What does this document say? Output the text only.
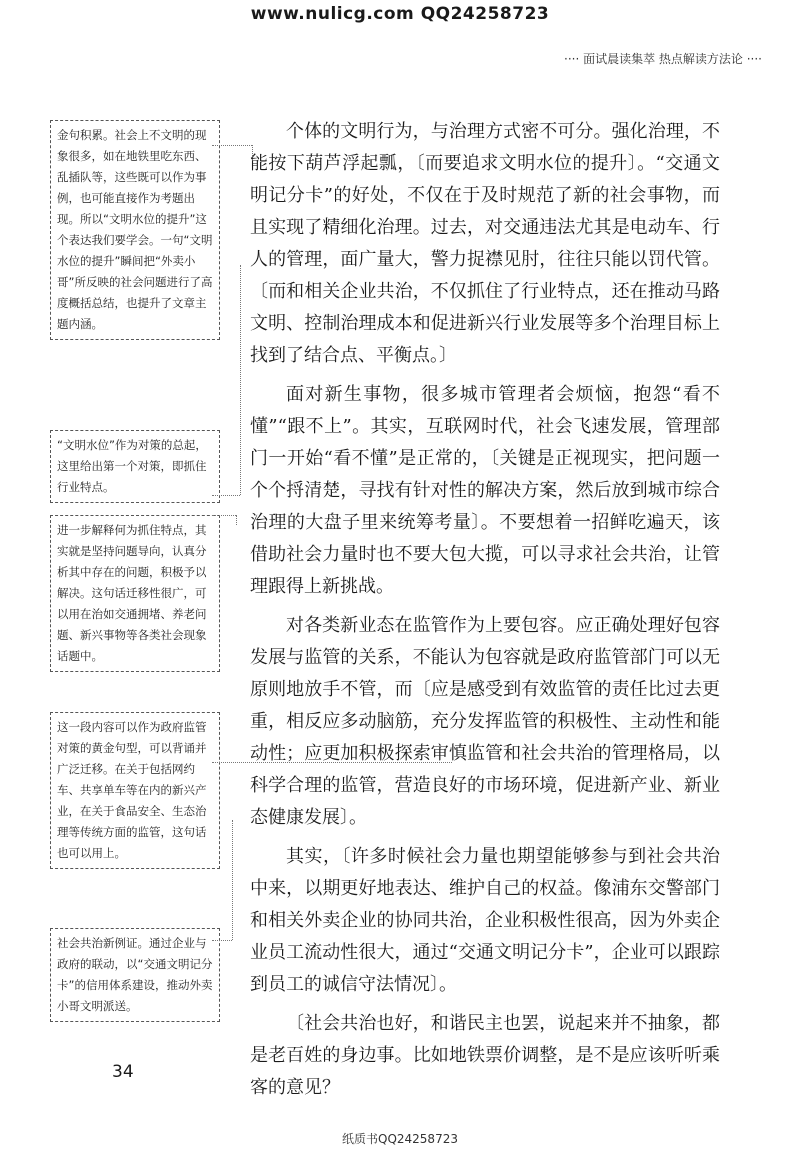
www.nulicg.com QQ24258723
···· 面试晨读集萃 热点解读方法论 ····
金句积累。社会上不文明的现象很多，如在地铁里吃东西、乱插队等，这些既可以作为事例，也可能直接作为考题出现。所以“文明水位的提升”这个表达我们要学会。一句“文明水位的提升”瞬间把“外卖小哥”所反映的社会问题进行了高度概括总结，也提升了文章主题内涵。
“文明水位”作为对策的总起，这里给出第一个对策，即抓住行业特点。
进一步解释何为抓住特点，其实就是坚持问题导向，认真分析其中存在的问题，积极予以解决。这句话迁移性很广，可以用在治如交通拥堵、养老问题、新兴事物等各类社会现象话题中。
这一段内容可以作为政府监管对策的黄金句型，可以背诵并广泛迁移。在关于包括网约车、共享单车等在内的新兴产业，在关于食品安全、生态治理等传统方面的监管，这句话也可以用上。
社会共治新例证。通过企业与政府的联动，以“交通文明记分卡”的信用体系建设，推动外卖小哥文明派送。

个体的文明行为，与治理方式密不可分。强化治理，不能按下葫芦浮起瓢，〔而要追求文明水位的提升〕。“交通文明记分卡”的好处，不仅在于及时规范了新的社会事物，而且实现了精细化治理。过去，对交通违法尤其是电动车、行人的管理，面广量大，警力捉襟见肘，往往只能以罚代管。〔而和相关企业共治，不仅抓住了行业特点，还在推动马路文明、控制治理成本和促进新兴行业发展等多个治理目标上找到了结合点、平衡点。〕

面对新生事物，很多城市管理者会烦恼，抱怨“看不懂”“跟不上”。其实，互联网时代，社会飞速发展，管理部门一开始“看不懂”是正常的，〔关键是正视现实，把问题一个个捋清楚，寻找有针对性的解决方案，然后放到城市综合治理的大盘子里来统筹考量〕。不要想着一招鲜吃遍天，该借助社会力量时也不要大包大揽，可以寻求社会共治，让管理跟得上新挑战。

对各类新业态在监管作为上要包容。应正确处理好包容发展与监管的关系，不能认为包容就是政府监管部门可以无原则地放手不管，而〔应是感受到有效监管的责任比过去更重，相反应多动脑筋，充分发挥监管的积极性、主动性和能动性；应更加积极探索审慎监管和社会共治的管理格局，以科学合理的监管，营造良好的市场环境，促进新产业、新业态健康发展〕。

其实，〔许多时候社会力量也期望能够参与到社会共治中来，以期更好地表达、维护自己的权益。像浦东交警部门和相关外卖企业的协同共治，企业积极性很高，因为外卖企业员工流动性很大，通过“交通文明记分卡”，企业可以跟踪到员工的诚信守法情况〕。

〔社会共治也好，和谐民主也罢，说起来并不抽象，都是老百姓的身边事。比如地铁票价调整，是不是应该听听乘客的意见？

34
纸质书QQ24258723
